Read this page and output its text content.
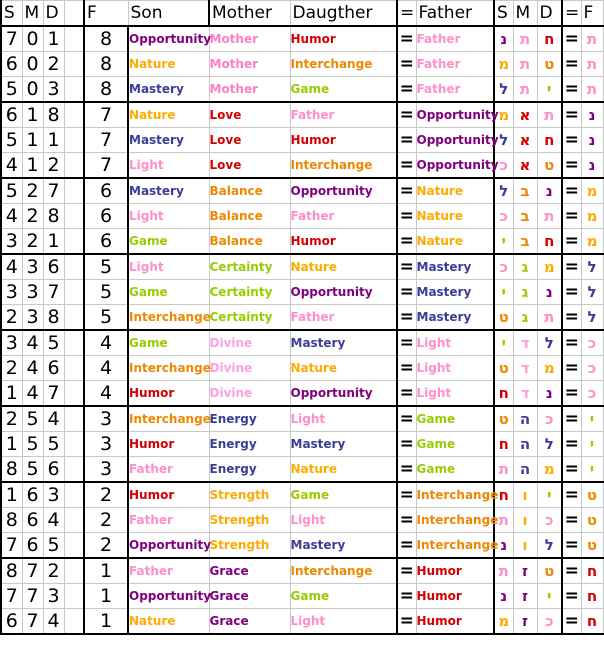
S	M	D		F	Son	Mother	Daugther	=	Father	S	M	D	=	F
7	0	1		8	Opportunity	Mother	Humor	=	Father	נ	ת	ח	=	ת
6	0	2		8	Nature	Mother	Interchange	=	Father	מ	ת	ט	=	ת
5	0	3		8	Mastery	Mother	Game	=	Father	ל	ת	י	=	ת
6	1	8		7	Nature	Love	Father	=	Opportunity	מ	א	ת	=	נ
5	1	1		7	Mastery	Love	Humor	=	Opportunity	ל	א	ח	=	נ
4	1	2		7	Light	Love	Interchange	=	Opportunity	כ	א	ט	=	נ
5	2	7		6	Mastery	Balance	Opportunity	=	Nature	ל	ב	נ	=	מ
4	2	8		6	Light	Balance	Father	=	Nature	כ	ב	ת	=	מ
3	2	1		6	Game	Balance	Humor	=	Nature	י	ב	ח	=	מ
4	3	6		5	Light	Certainty	Nature	=	Mastery	כ	ג	מ	=	ל
3	3	7		5	Game	Certainty	Opportunity	=	Mastery	י	ג	נ	=	ל
2	3	8		5	Interchange	Certainty	Father	=	Mastery	ט	ג	ת	=	ל
3	4	5		4	Game	Divine	Mastery	=	Light	י	ד	ל	=	כ
2	4	6		4	Interchange	Divine	Nature	=	Light	ט	ד	מ	=	כ
1	4	7		4	Humor	Divine	Opportunity	=	Light	ח	ד	נ	=	כ
2	5	4		3	Interchange	Energy	Light	=	Game	ט	ה	כ	=	י
1	5	5		3	Humor	Energy	Mastery	=	Game	ח	ה	ל	=	י
8	5	6		3	Father	Energy	Nature	=	Game	ת	ה	מ	=	י
1	6	3		2	Humor	Strength	Game	=	Interchange	ח	ו	י	=	ט
8	6	4		2	Father	Strength	Light	=	Interchange	ת	ו	כ	=	ט
7	6	5		2	Opportunity	Strength	Mastery	=	Interchange	נ	ו	ל	=	ט
8	7	2		1	Father	Grace	Interchange	=	Humor	ת	ז	ט	=	ח
7	7	3		1	Opportunity	Grace	Game	=	Humor	נ	ז	י	=	ח
6	7	4		1	Nature	Grace	Light	=	Humor	מ	ז	כ	=	ח
